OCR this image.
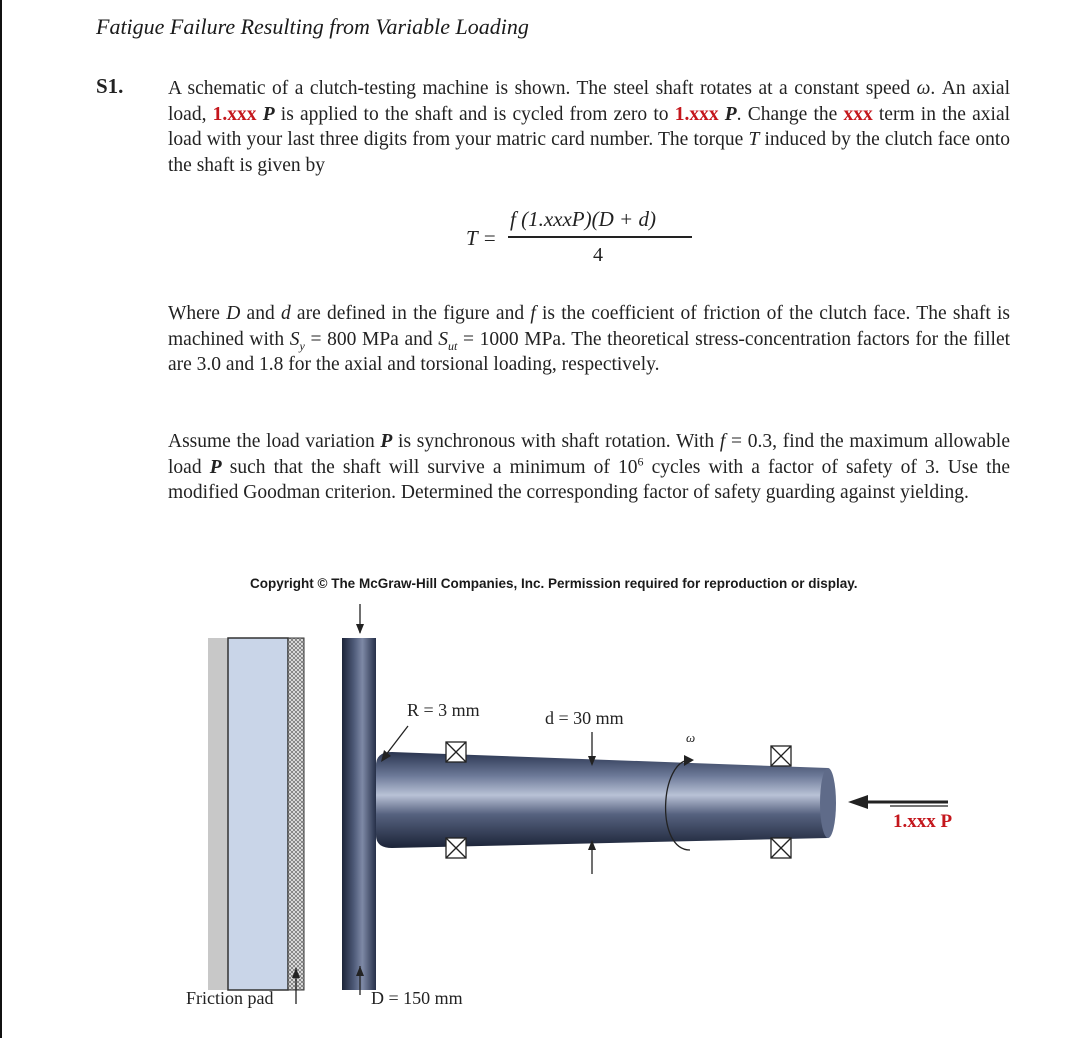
Fatigue Failure Resulting from Variable Loading
S1. A schematic of a clutch-testing machine is shown. The steel shaft rotates at a constant speed ω. An axial load, 1.xxx P is applied to the shaft and is cycled from zero to 1.xxx P. Change the xxx term in the axial load with your last three digits from your matric card number. The torque T induced by the clutch face onto the shaft is given by
T =
f (1.xxxP)(D + d)
4
Where D and d are defined in the figure and f is the coefficient of friction of the clutch face. The shaft is machined with $S_y = 800$ MPa and $S_{ut} = 1000$ MPa. The theoretical stress-concentration factors for the fillet are 3.0 and 1.8 for the axial and torsional loading, respectively.
Assume the load variation P is synchronous with shaft rotation. With f = 0.3, find the maximum allowable load P such that the shaft will survive a minimum of $10^6$ cycles with a factor of safety of 3. Use the modified Goodman criterion. Determined the corresponding factor of safety guarding against yielding.
Copyright © The McGraw-Hill Companies, Inc. Permission required for reproduction or display.
R = 3 mm	d = 30 mm
ω
1.xxx P
Friction pad	D = 150 mm
